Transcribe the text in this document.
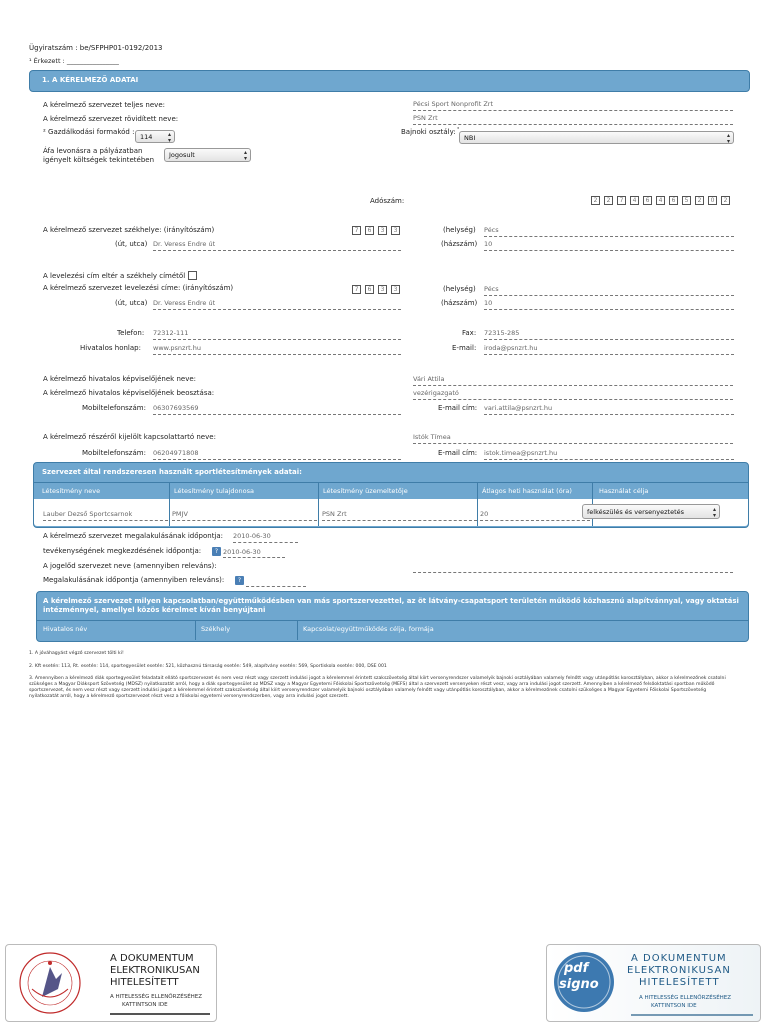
Ügyiratszám : be/SFPHP01-0192/2013
¹ Érkezett : ________________
1. A KÉRELMEZŐ ADATAI
A kérelmező szervezet teljes neve:	Pécsi Sport Nonprofit Zrt
A kérelmező szervezet rövidített neve:	PSN Zrt
² Gazdálkodási formakód :
114	▴
▾
Bajnoki osztály: ³
NBI	▴
▾
Áfa levonásra a pályázatban
igényelt költségek tekintetében
Jogosult	▴
▾
Adószám:	2	2	7	4	6	4	6	5	2	0	2
A kérelmező szervezet székhelye: (irányítószám)	7	6	3	3	(helység) Pécs
(út, utca) Dr. Veress Endre út	(házszám) 10
A levelezési cím eltér a székhely címétől
A kérelmező szervezet levelezési címe: (irányítószám)	7	6	3	3	(helység) Pécs
(út, utca) Dr. Veress Endre út	(házszám) 10
Telefon: 72312-111	Fax: 72315-285
Hivatalos honlap: www.psnzrt.hu	E-mail: iroda@psnzrt.hu
A kérelmező hivatalos képviselőjének neve:	Vári Attila
A kérelmező hivatalos képviselőjének beosztása:	vezérigazgató
Mobiltelefonszám: 06307693569	E-mail cím: vari.attila@psnzrt.hu
A kérelmező részéről kijelölt kapcsolattartó neve:	Istók Tímea
Mobiltelefonszám: 06204971808	E-mail cím: istok.timea@psnzrt.hu
Szervezet által rendszeresen használt sportlétesítmények adatai:
Létesítmény neve	Létesítmény tulajdonosa	Létesítmény üzemeltetője	Átlagos heti használat (óra)	Használat célja
Lauber Dezső Sportcsarnok	PMJV	PSN Zrt	20	felkészülés és versenyeztetés	▴
▾
A kérelmező szervezet megalakulásának időpontja: 2010-06-30
tevékenységének megkezdésének időpontja:	? 2010-06-30
A jogelőd szervezet neve (amennyiben releváns):
Megalakulásának időpontja (amennyiben releváns):	?
A kérelmező szervezet milyen kapcsolatban/együttműködésben van más sportszervezettel, az öt látvány-csapatsport területén működő közhasznú alapítvánnyal, vagy oktatási
intézménnyel, amellyel közös kérelmet kíván benyújtani
Hivatalos név	Székhely	Kapcsolat/együttműködés célja, formája
1. A jóváhagyást végző szervezet tölti ki!
2. Kft esetén: 113, Rt. esetén: 114, sportegyesület esetén: 521, közhasznú társaság esetén: 549, alapítvány esetén: 569, Sportiskola esetén: 000, DSE 001
3. Amennyiben a kérelmező diák sportegyesület feladatait ellátó sportszervezet és nem vesz részt vagy szerzett indulási jogot a kérelemmel érintett szakszövetség által kiírt versenyrendszer valamelyik bajnoki osztályában valamely felnőtt vagy utánpótlás korosztályban, akkor a kérelmezőnek csatolni szükséges a Magyar Diáksport Szövetség (MDSZ) nyilatkozatát arról, hogy a diák sportegyesület az MDSZ vagy a Magyar Egyetemi Főiskolai Sportszövetség (MEFS) által a szervezett versenyeken részt vesz, vagy arra indulási jogot szerzett. Amennyiben a kérelmező felsőoktatási sportban működő sportszervezet, és nem vesz részt vagy szerzett indulási jogot a kérelemmel érintett szakszövetség által kiírt versenyrendszer valamelyik bajnoki osztályában valamely felnőtt vagy utánpótlás korosztályban, akkor a kérelmezőnek csatolni szükséges a Magyar Egyetemi Főiskolai Sportszövetség nyilatkozatát arról, hogy a kérelmező sportszervezet részt vesz a főiskolai egyetemi versenyrendszerben, vagy arra indulási jogot szerzett.
A DOKUMENTUM
ELEKTRONIKUSAN
HITELESÍTETT
A HITELESSÉG ELLENŐRZÉSÉHEZ
KATTINTSON IDE
pdf
signo
A DOKUMENTUM
ELEKTRONIKUSAN
HITELESÍTETT
A HITELESSÉG ELLENŐRZÉSÉHEZ
KATTINTSON IDE
